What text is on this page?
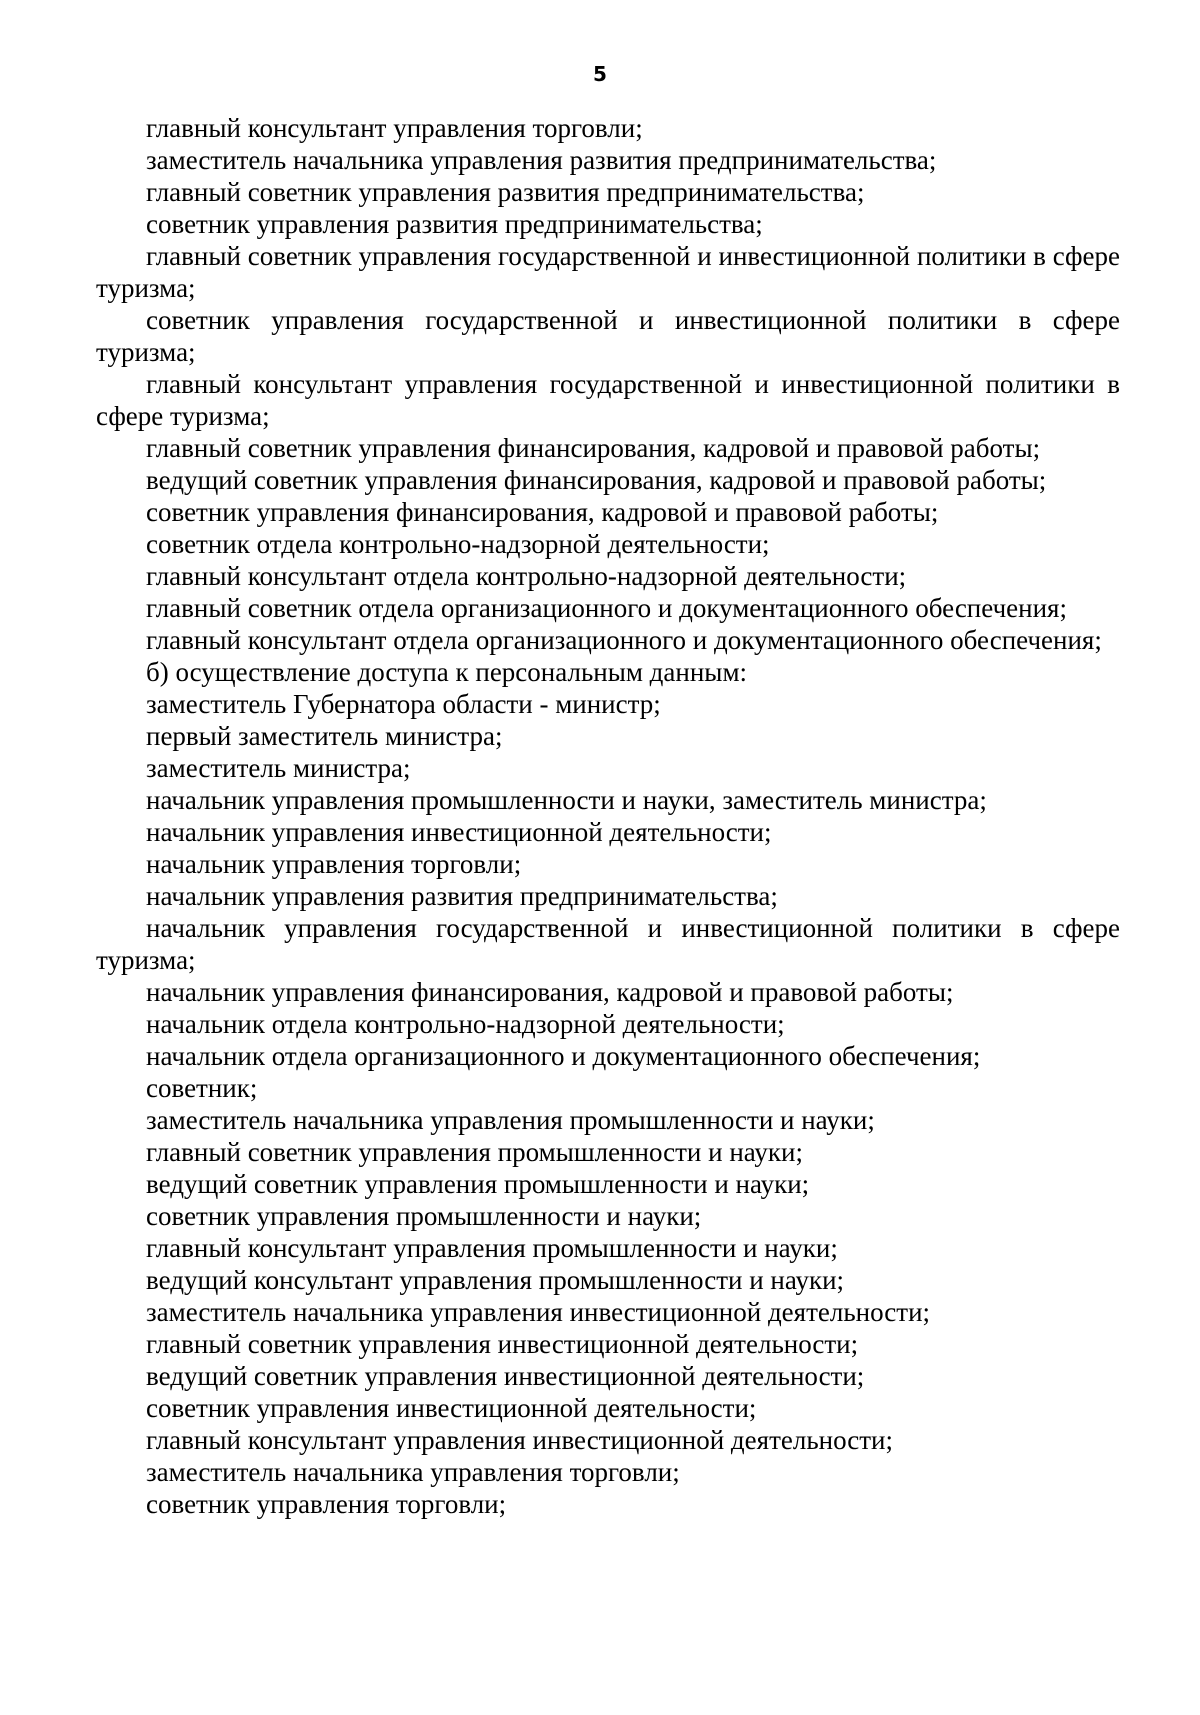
5

главный консультант управления торговли;

заместитель начальника управления развития предпринимательства;

главный советник управления развития предпринимательства;

советник управления развития предпринимательства;

главный советник управления государственной и инвестиционной политики в сфере туризма;

советник управления государственной и инвестиционной политики в сфере туризма;

главный консультант управления государственной и инвестиционной политики в сфере туризма;

главный советник управления финансирования, кадровой и правовой работы;

ведущий советник управления финансирования, кадровой и правовой работы;

советник управления финансирования, кадровой и правовой работы;

советник отдела контрольно-надзорной деятельности;

главный консультант отдела контрольно-надзорной деятельности;

главный советник отдела организационного и документационного обеспечения;

главный консультант отдела организационного и документационного обеспечения;

б) осуществление доступа к персональным данным:

заместитель Губернатора области - министр;

первый заместитель министра;

заместитель министра;

начальник управления промышленности и науки, заместитель министра;

начальник управления инвестиционной деятельности;

начальник управления торговли;

начальник управления развития предпринимательства;

начальник управления государственной и инвестиционной политики в сфере туризма;

начальник управления финансирования, кадровой и правовой работы;

начальник отдела контрольно-надзорной деятельности;

начальник отдела организационного и документационного обеспечения;

советник;

заместитель начальника управления промышленности и науки;

главный советник управления промышленности и науки;

ведущий советник управления промышленности и науки;

советник управления промышленности и науки;

главный консультант управления промышленности и науки;

ведущий консультант управления промышленности и науки;

заместитель начальника управления инвестиционной деятельности;

главный советник управления инвестиционной деятельности;

ведущий советник управления инвестиционной деятельности;

советник управления инвестиционной деятельности;

главный консультант управления инвестиционной деятельности;

заместитель начальника управления торговли;

советник управления торговли;
